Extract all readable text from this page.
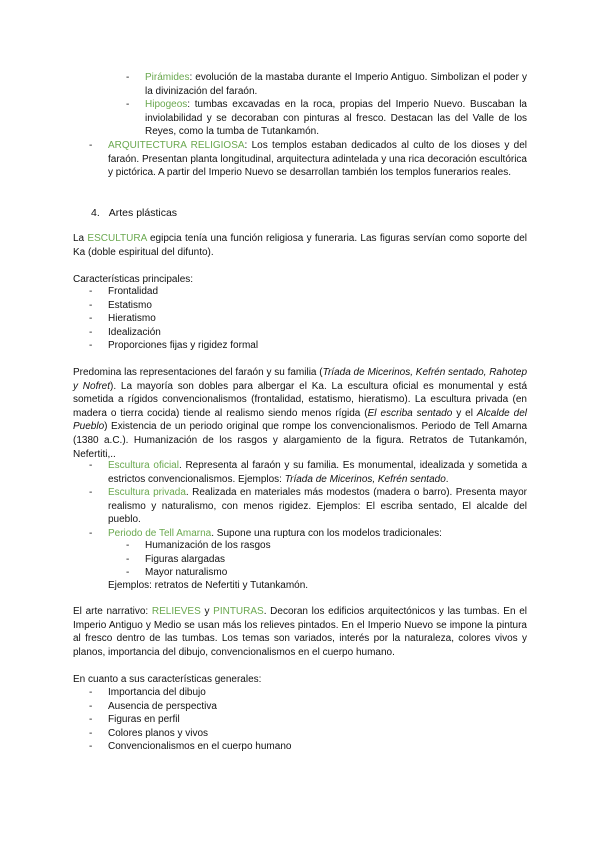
- Pirámides: evolución de la mastaba durante el Imperio Antiguo. Simbolizan el poder y la divinización del faraón.
- Hipogeos: tumbas excavadas en la roca, propias del Imperio Nuevo. Buscaban la inviolabilidad y se decoraban con pinturas al fresco. Destacan las del Valle de los Reyes, como la tumba de Tutankamón.
- ARQUITECTURA RELIGIOSA: Los templos estaban dedicados al culto de los dioses y del faraón. Presentan planta longitudinal, arquitectura adintelada y una rica decoración escultórica y pictórica. A partir del Imperio Nuevo se desarrollan también los templos funerarios reales.
4. Artes plásticas

La ESCULTURA egipcia tenía una función religiosa y funeraria. Las figuras servían como soporte del Ka (doble espiritual del difunto).

Características principales:
- Frontalidad
- Estatismo
- Hieratismo
- Idealización
- Proporciones fijas y rigidez formal

Predomina las representaciones del faraón y su familia (Tríada de Micerinos, Kefrén sentado, Rahotep y Nofret). La mayoría son dobles para albergar el Ka. La escultura oficial es monumental y está sometida a rígidos convencionalismos (frontalidad, estatismo, hieratismo). La escultura privada (en madera o tierra cocida) tiende al realismo siendo menos rígida (El escriba sentado y el Alcalde del Pueblo) Existencia de un periodo original que rompe los convencionalismos. Periodo de Tell Amarna (1380 a.C.). Humanización de los rasgos y alargamiento de la figura. Retratos de Tutankamón, Nefertiti,..

- Escultura oficial. Representa al faraón y su familia. Es monumental, idealizada y sometida a estrictos convencionalismos. Ejemplos: Tríada de Micerinos, Kefrén sentado.
- Escultura privada. Realizada en materiales más modestos (madera o barro). Presenta mayor realismo y naturalismo, con menos rigidez. Ejemplos: El escriba sentado, El alcalde del pueblo.
- Periodo de Tell Amarna. Supone una ruptura con los modelos tradicionales:
- Humanización de los rasgos
- Figuras alargadas
- Mayor naturalismo
Ejemplos: retratos de Nefertiti y Tutankamón.

El arte narrativo: RELIEVES y PINTURAS. Decoran los edificios arquitectónicos y las tumbas. En el Imperio Antiguo y Medio se usan más los relieves pintados. En el Imperio Nuevo se impone la pintura al fresco dentro de las tumbas. Los temas son variados, interés por la naturaleza, colores vivos y planos, importancia del dibujo, convencionalismos en el cuerpo humano.

En cuanto a sus características generales:
- Importancia del dibujo
- Ausencia de perspectiva
- Figuras en perfil
- Colores planos y vivos
- Convencionalismos en el cuerpo humano
